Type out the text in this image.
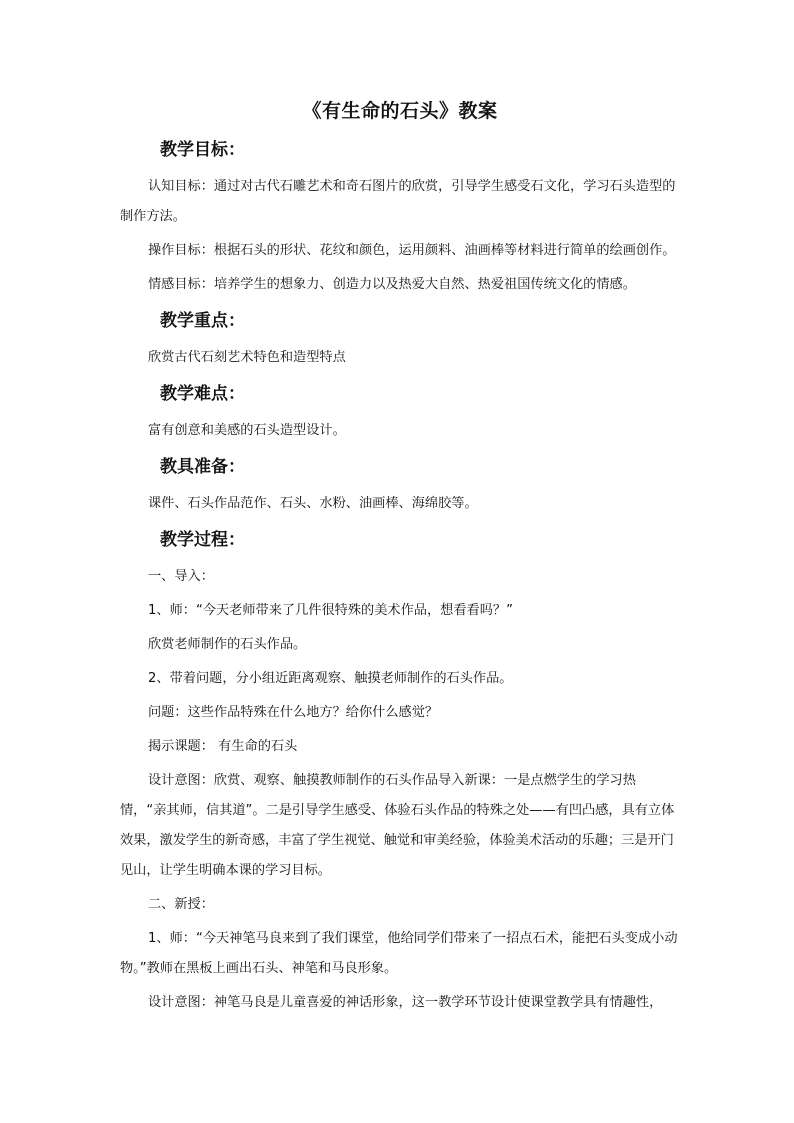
《有生命的石头》教案
教学目标：
认知目标：通过对古代石雕艺术和奇石图片的欣赏，引导学生感受石文化，学习石头造型的制作方法。
操作目标：根据石头的形状、花纹和颜色，运用颜料、油画棒等材料进行简单的绘画创作。
情感目标：培养学生的想象力、创造力以及热爱大自然、热爱祖国传统文化的情感。
教学重点：
欣赏古代石刻艺术特色和造型特点
教学难点：
富有创意和美感的石头造型设计。
教具准备：
课件、石头作品范作、石头、水粉、油画棒、海绵胶等。
教学过程：
一、导入：
1、师：“今天老师带来了几件很特殊的美术作品，想看看吗？”
欣赏老师制作的石头作品。
2、带着问题，分小组近距离观察、触摸老师制作的石头作品。
问题：这些作品特殊在什么地方？给你什么感觉？
揭示课题： 有生命的石头
设计意图：欣赏、观察、触摸教师制作的石头作品导入新课：一是点燃学生的学习热情，“亲其师，信其道”。二是引导学生感受、体验石头作品的特殊之处——有凹凸感，具有立体效果，激发学生的新奇感，丰富了学生视觉、触觉和审美经验，体验美术活动的乐趣；三是开门见山，让学生明确本课的学习目标。
二、新授：
1、师：“今天神笔马良来到了我们课堂，他给同学们带来了一招点石术，能把石头变成小动物。”教师在黑板上画出石头、神笔和马良形象。
设计意图：神笔马良是儿童喜爱的神话形象，这一教学环节设计使课堂教学具有情趣性，
